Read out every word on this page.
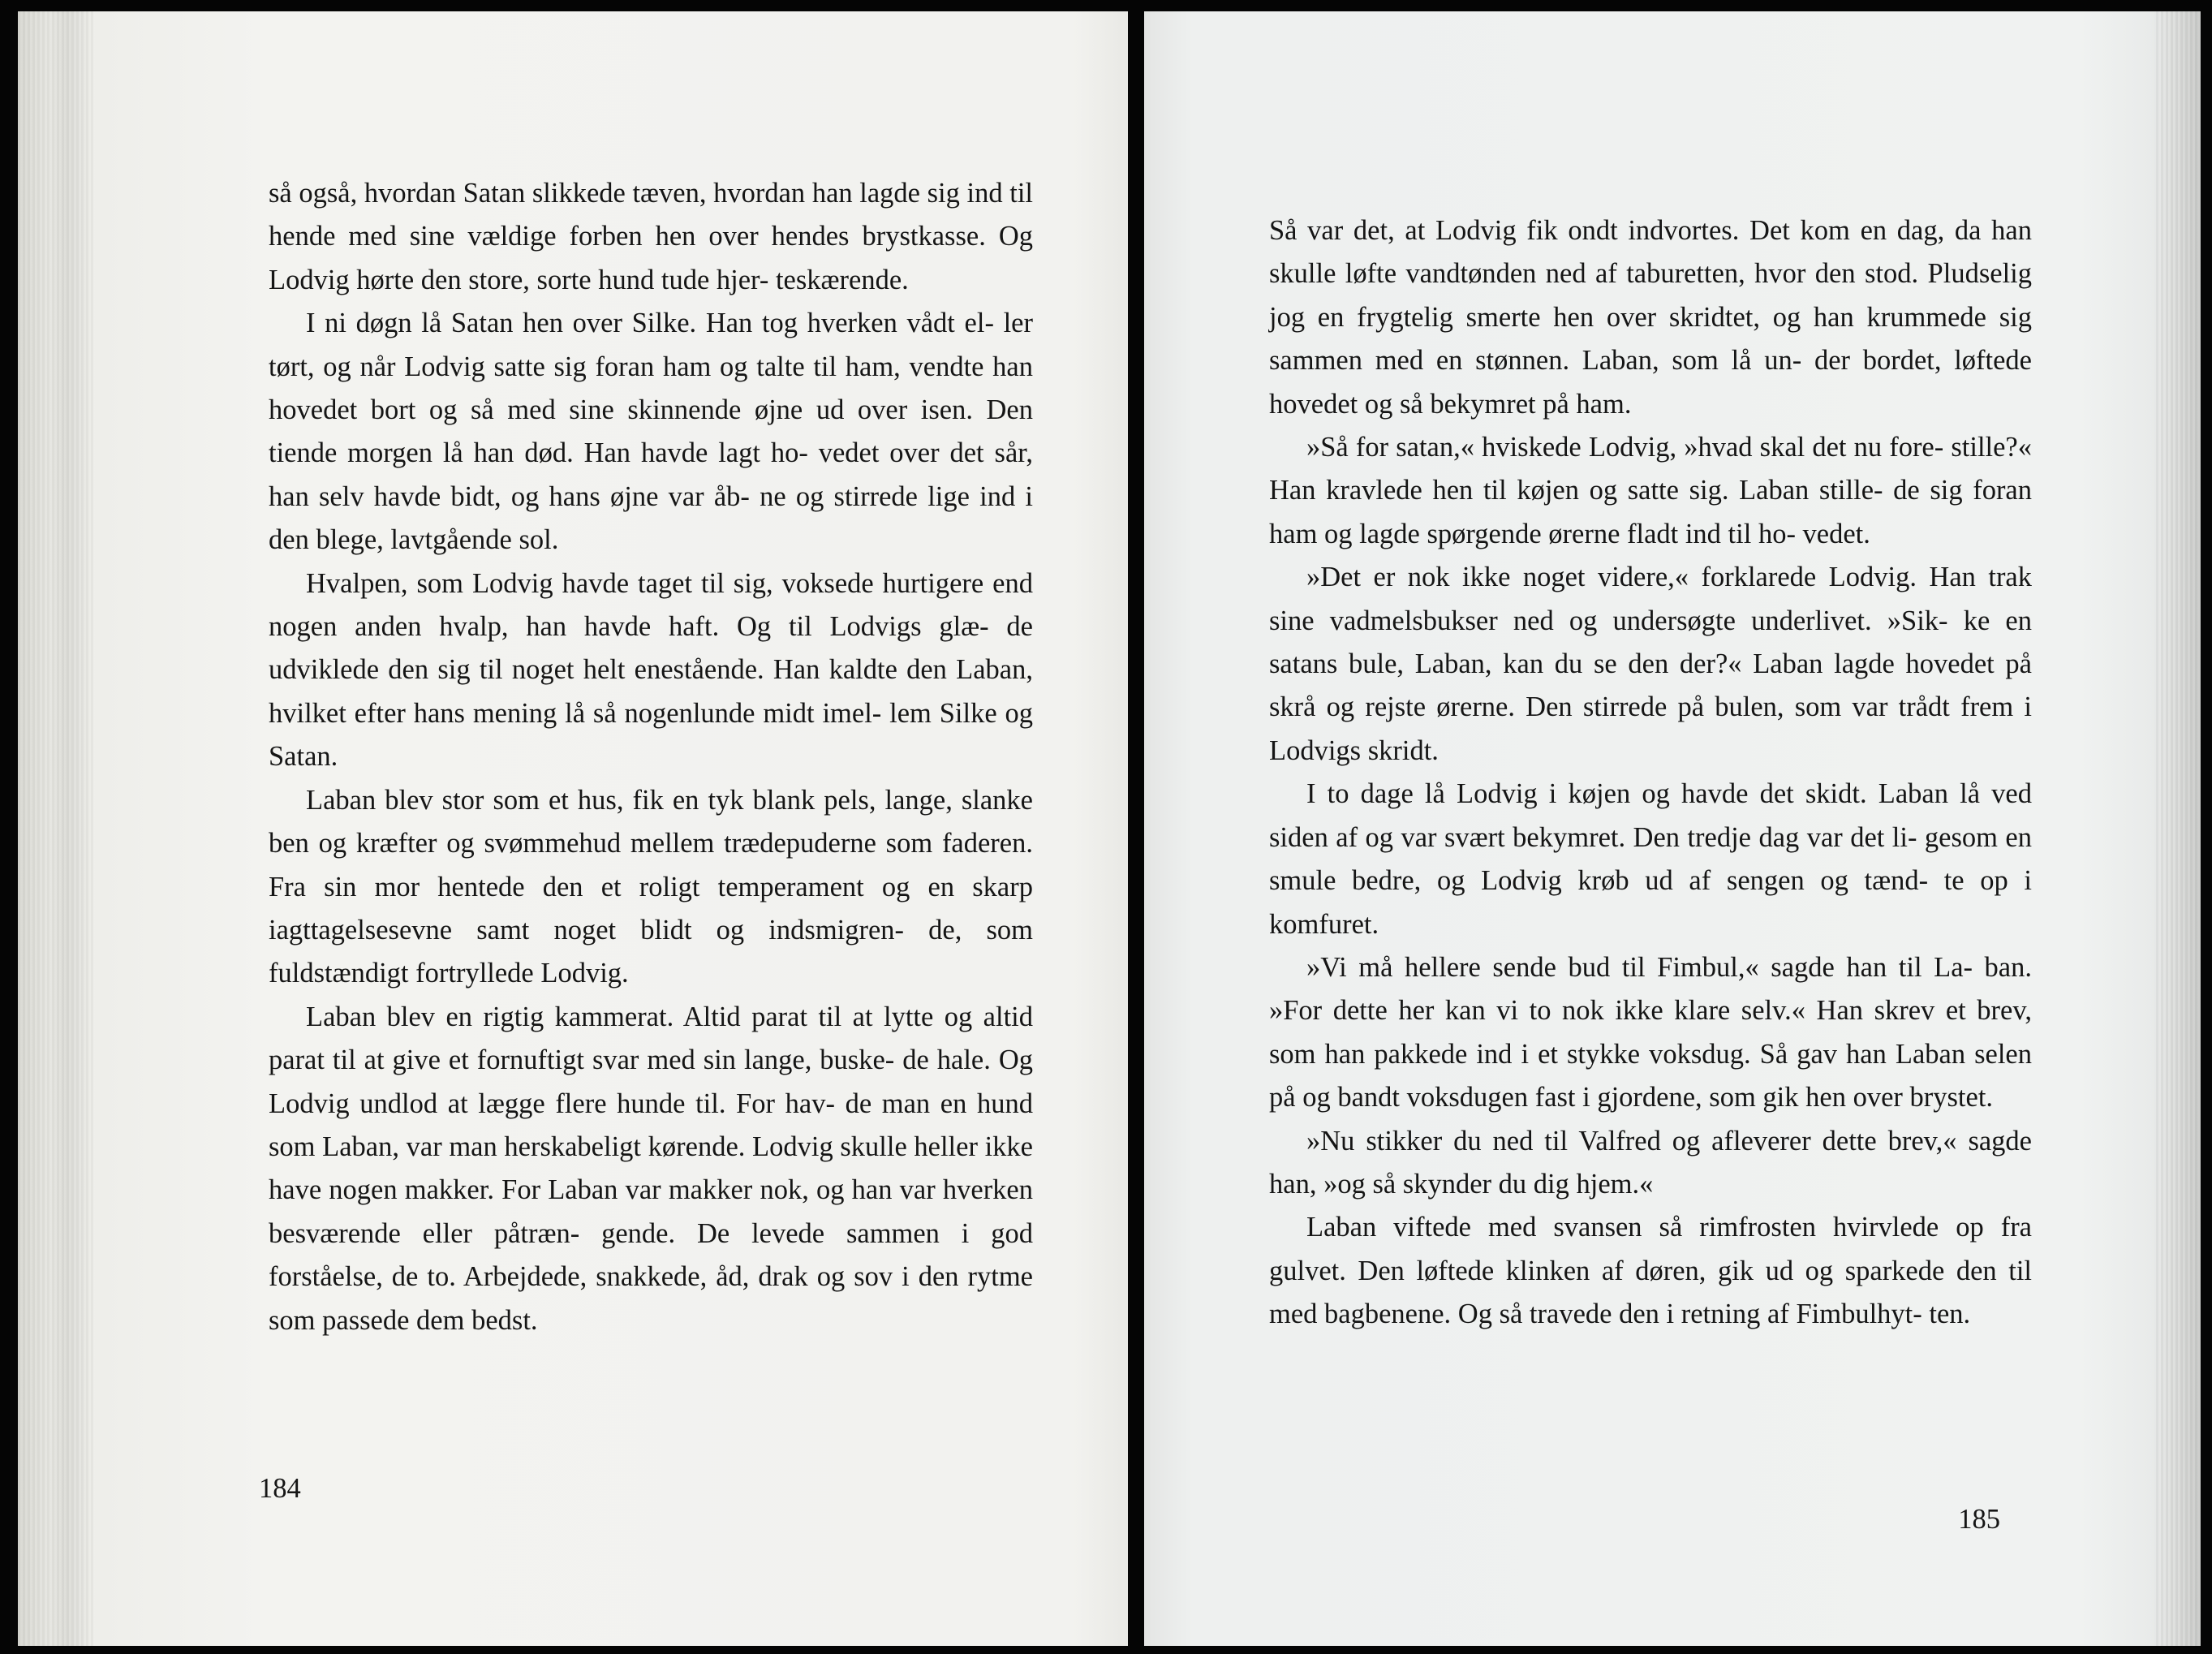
så også, hvordan Satan slikkede tæven, hvordan han lagde sig ind til hende med sine vældige forben hen over hendes brystkasse. Og Lodvig hørte den store, sorte hund tude hjer- teskærende.

I ni døgn lå Satan hen over Silke. Han tog hverken vådt el- ler tørt, og når Lodvig satte sig foran ham og talte til ham, vendte han hovedet bort og så med sine skinnende øjne ud over isen. Den tiende morgen lå han død. Han havde lagt ho- vedet over det sår, han selv havde bidt, og hans øjne var åb- ne og stirrede lige ind i den blege, lavtgående sol.

Hvalpen, som Lodvig havde taget til sig, voksede hurtigere end nogen anden hvalp, han havde haft. Og til Lodvigs glæ- de udviklede den sig til noget helt enestående. Han kaldte den Laban, hvilket efter hans mening lå så nogenlunde midt imel- lem Silke og Satan.

Laban blev stor som et hus, fik en tyk blank pels, lange, slanke ben og kræfter og svømmehud mellem trædepuderne som faderen. Fra sin mor hentede den et roligt temperament og en skarp iagttagelsesevne samt noget blidt og indsmigren- de, som fuldstændigt fortryllede Lodvig.

Laban blev en rigtig kammerat. Altid parat til at lytte og altid parat til at give et fornuftigt svar med sin lange, buske- de hale. Og Lodvig undlod at lægge flere hunde til. For hav- de man en hund som Laban, var man herskabeligt kørende. Lodvig skulle heller ikke have nogen makker. For Laban var makker nok, og han var hverken besværende eller påtræn- gende. De levede sammen i god forståelse, de to. Arbejdede, snakkede, åd, drak og sov i den rytme som passede dem bedst.

184

Så var det, at Lodvig fik ondt indvortes. Det kom en dag, da han skulle løfte vandtønden ned af taburetten, hvor den stod. Pludselig jog en frygtelig smerte hen over skridtet, og han krummede sig sammen med en stønnen. Laban, som lå un- der bordet, løftede hovedet og så bekymret på ham.

»Så for satan,« hviskede Lodvig, »hvad skal det nu fore- stille?« Han kravlede hen til køjen og satte sig. Laban stille- de sig foran ham og lagde spørgende ørerne fladt ind til ho- vedet.

»Det er nok ikke noget videre,« forklarede Lodvig. Han trak sine vadmelsbukser ned og undersøgte underlivet. »Sik- ke en satans bule, Laban, kan du se den der?« Laban lagde hovedet på skrå og rejste ørerne. Den stirrede på bulen, som var trådt frem i Lodvigs skridt.

I to dage lå Lodvig i køjen og havde det skidt. Laban lå ved siden af og var svært bekymret. Den tredje dag var det li- gesom en smule bedre, og Lodvig krøb ud af sengen og tænd- te op i komfuret.

»Vi må hellere sende bud til Fimbul,« sagde han til La- ban. »For dette her kan vi to nok ikke klare selv.« Han skrev et brev, som han pakkede ind i et stykke voksdug. Så gav han Laban selen på og bandt voksdugen fast i gjordene, som gik hen over brystet.

»Nu stikker du ned til Valfred og afleverer dette brev,« sagde han, »og så skynder du dig hjem.«

Laban viftede med svansen så rimfrosten hvirvlede op fra gulvet. Den løftede klinken af døren, gik ud og sparkede den til med bagbenene. Og så travede den i retning af Fimbulhyt- ten.

185
